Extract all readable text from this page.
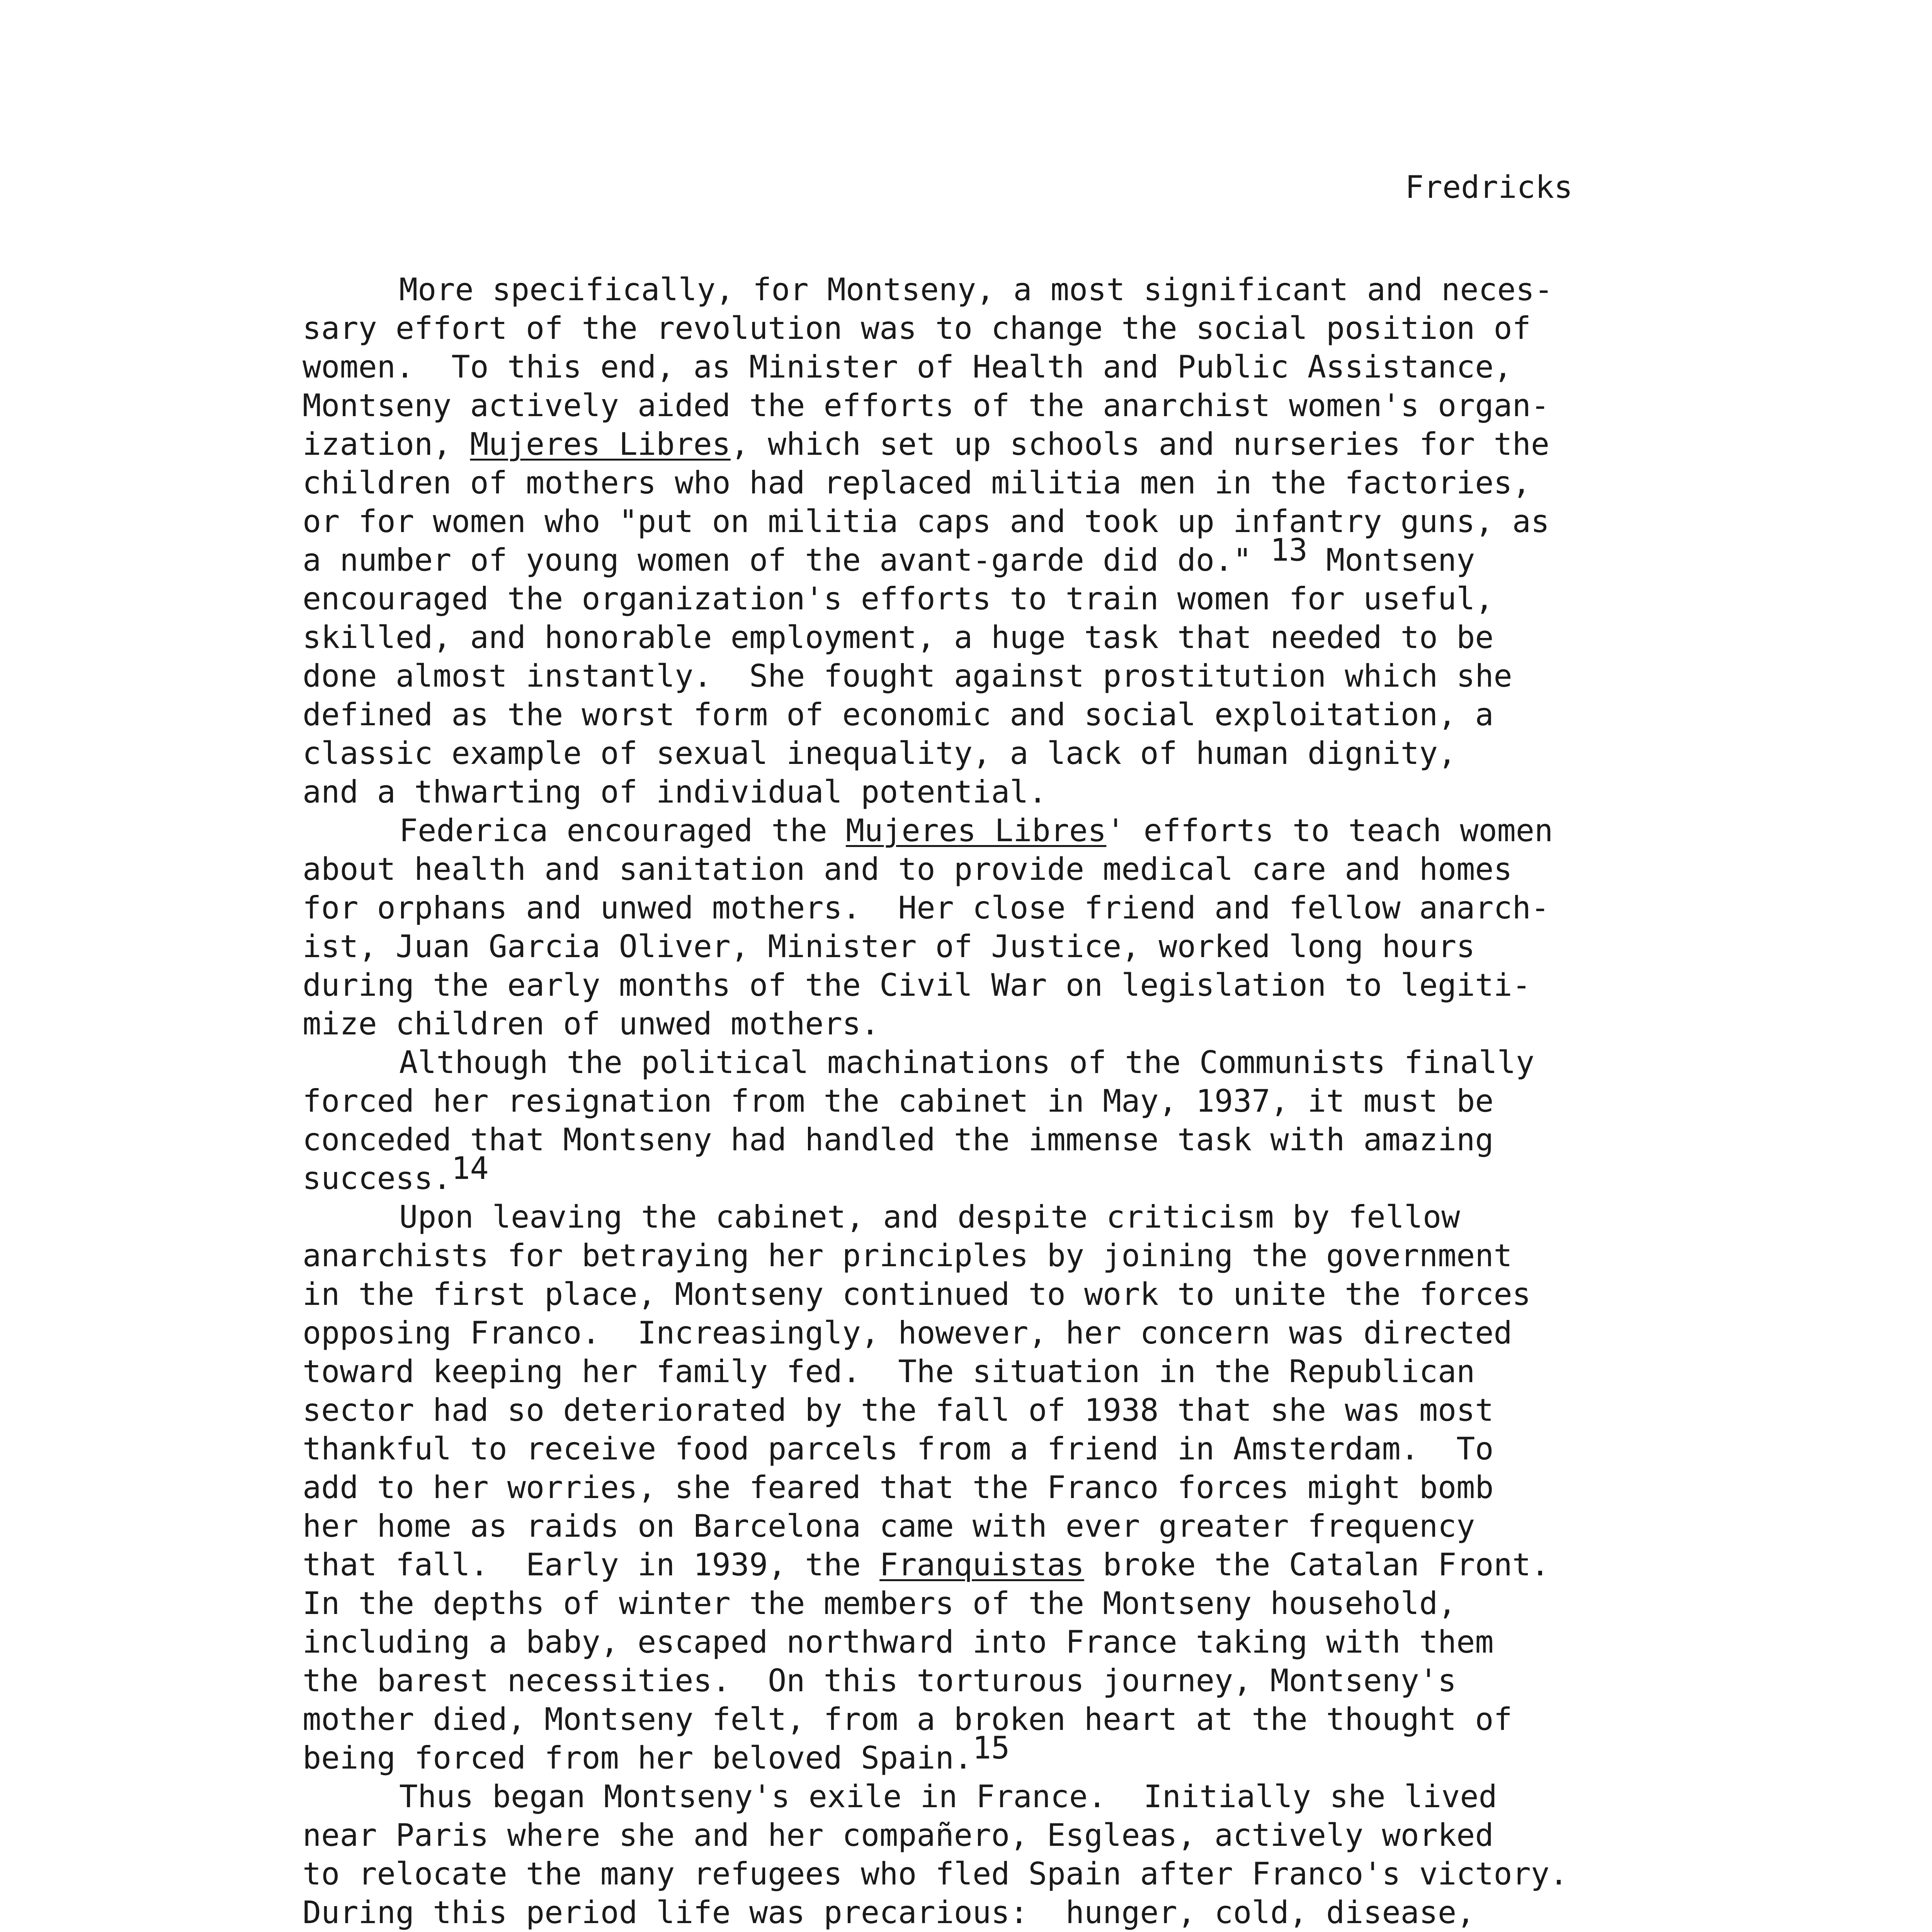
Fredricks
More specifically, for Montseny, a most significant and neces-
sary effort of the revolution was to change the social position of
women.  To this end, as Minister of Health and Public Assistance,
Montseny actively aided the efforts of the anarchist women's organ-
ization, Mujeres Libres, which set up schools and nurseries for the
children of mothers who had replaced militia men in the factories,
or for women who "put on militia caps and took up infantry guns, as
a number of young women of the avant-garde did do." 13 Montseny
encouraged the organization's efforts to train women for useful,
skilled, and honorable employment, a huge task that needed to be
done almost instantly.  She fought against prostitution which she
defined as the worst form of economic and social exploitation, a
classic example of sexual inequality, a lack of human dignity,
and a thwarting of individual potential.
Federica encouraged the Mujeres Libres' efforts to teach women
about health and sanitation and to provide medical care and homes
for orphans and unwed mothers.  Her close friend and fellow anarch-
ist, Juan Garcia Oliver, Minister of Justice, worked long hours
during the early months of the Civil War on legislation to legiti-
mize children of unwed mothers.
Although the political machinations of the Communists finally
forced her resignation from the cabinet in May, 1937, it must be
conceded that Montseny had handled the immense task with amazing
success.14
Upon leaving the cabinet, and despite criticism by fellow
anarchists for betraying her principles by joining the government
in the first place, Montseny continued to work to unite the forces
opposing Franco.  Increasingly, however, her concern was directed
toward keeping her family fed.  The situation in the Republican
sector had so deteriorated by the fall of 1938 that she was most
thankful to receive food parcels from a friend in Amsterdam.  To
add to her worries, she feared that the Franco forces might bomb
her home as raids on Barcelona came with ever greater frequency
that fall.  Early in 1939, the Franquistas broke the Catalan Front.
In the depths of winter the members of the Montseny household,
including a baby, escaped northward into France taking with them
the barest necessities.  On this torturous journey, Montseny's
mother died, Montseny felt, from a broken heart at the thought of
being forced from her beloved Spain.15
Thus began Montseny's exile in France.  Initially she lived
near Paris where she and her compañero, Esgleas, actively worked
to relocate the many refugees who fled Spain after Franco's victory.
During this period life was precarious:  hunger, cold, disease,
